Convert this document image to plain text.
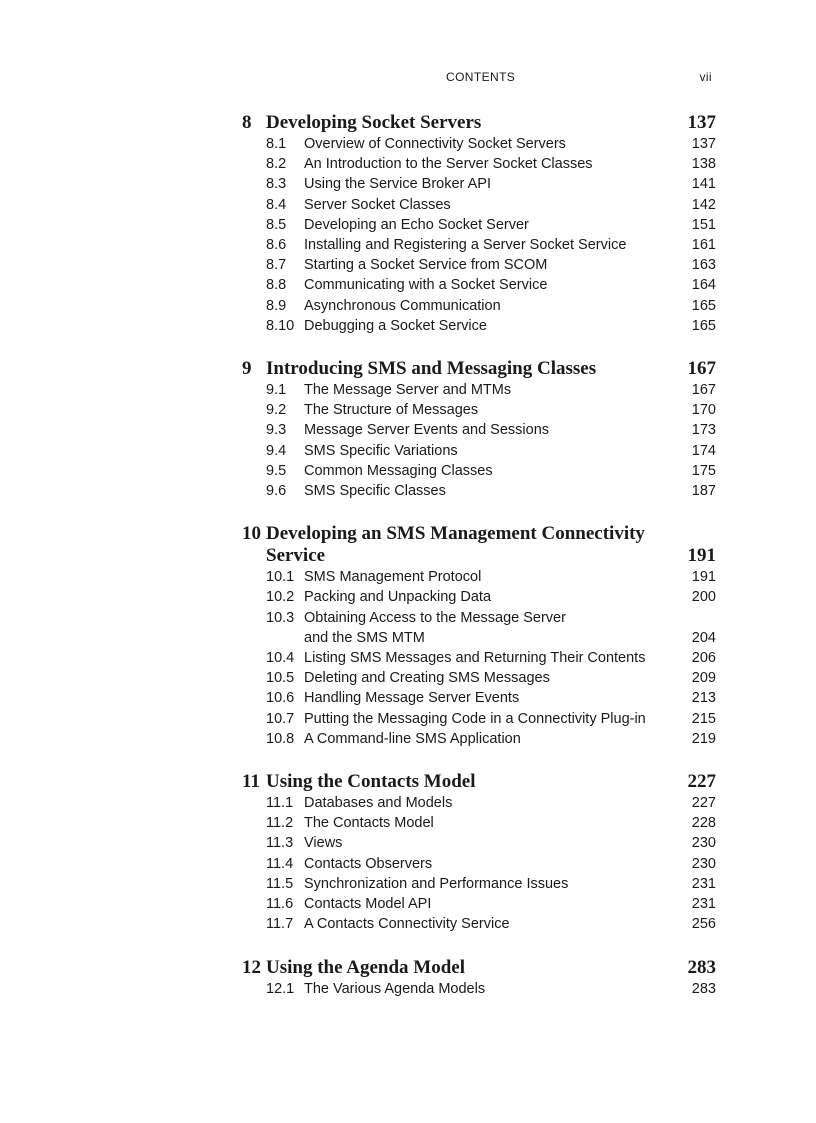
CONTENTS	vii
8 Developing Socket Servers	137
8.1	Overview of Connectivity Socket Servers	137
8.2	An Introduction to the Server Socket Classes	138
8.3	Using the Service Broker API	141
8.4	Server Socket Classes	142
8.5	Developing an Echo Socket Server	151
8.6	Installing and Registering a Server Socket Service	161
8.7	Starting a Socket Service from SCOM	163
8.8	Communicating with a Socket Service	164
8.9	Asynchronous Communication	165
8.10 Debugging a Socket Service	165
9 Introducing SMS and Messaging Classes	167
9.1	The Message Server and MTMs	167
9.2	The Structure of Messages	170
9.3	Message Server Events and Sessions	173
9.4	SMS Specific Variations	174
9.5	Common Messaging Classes	175
9.6	SMS Specific Classes	187
10 Developing an SMS Management Connectivity
Service	191
10.1 SMS Management Protocol	191
10.2 Packing and Unpacking Data	200
10.3 Obtaining Access to the Message Server
and the SMS MTM	204
10.4 Listing SMS Messages and Returning Their Contents	206
10.5 Deleting and Creating SMS Messages	209
10.6 Handling Message Server Events	213
10.7 Putting the Messaging Code in a Connectivity Plug-in	215
10.8 A Command-line SMS Application	219
11 Using the Contacts Model	227
11.1 Databases and Models	227
11.2 The Contacts Model	228
11.3 Views	230
11.4 Contacts Observers	230
11.5 Synchronization and Performance Issues	231
11.6 Contacts Model API	231
11.7 A Contacts Connectivity Service	256
12 Using the Agenda Model	283
12.1 The Various Agenda Models	283
